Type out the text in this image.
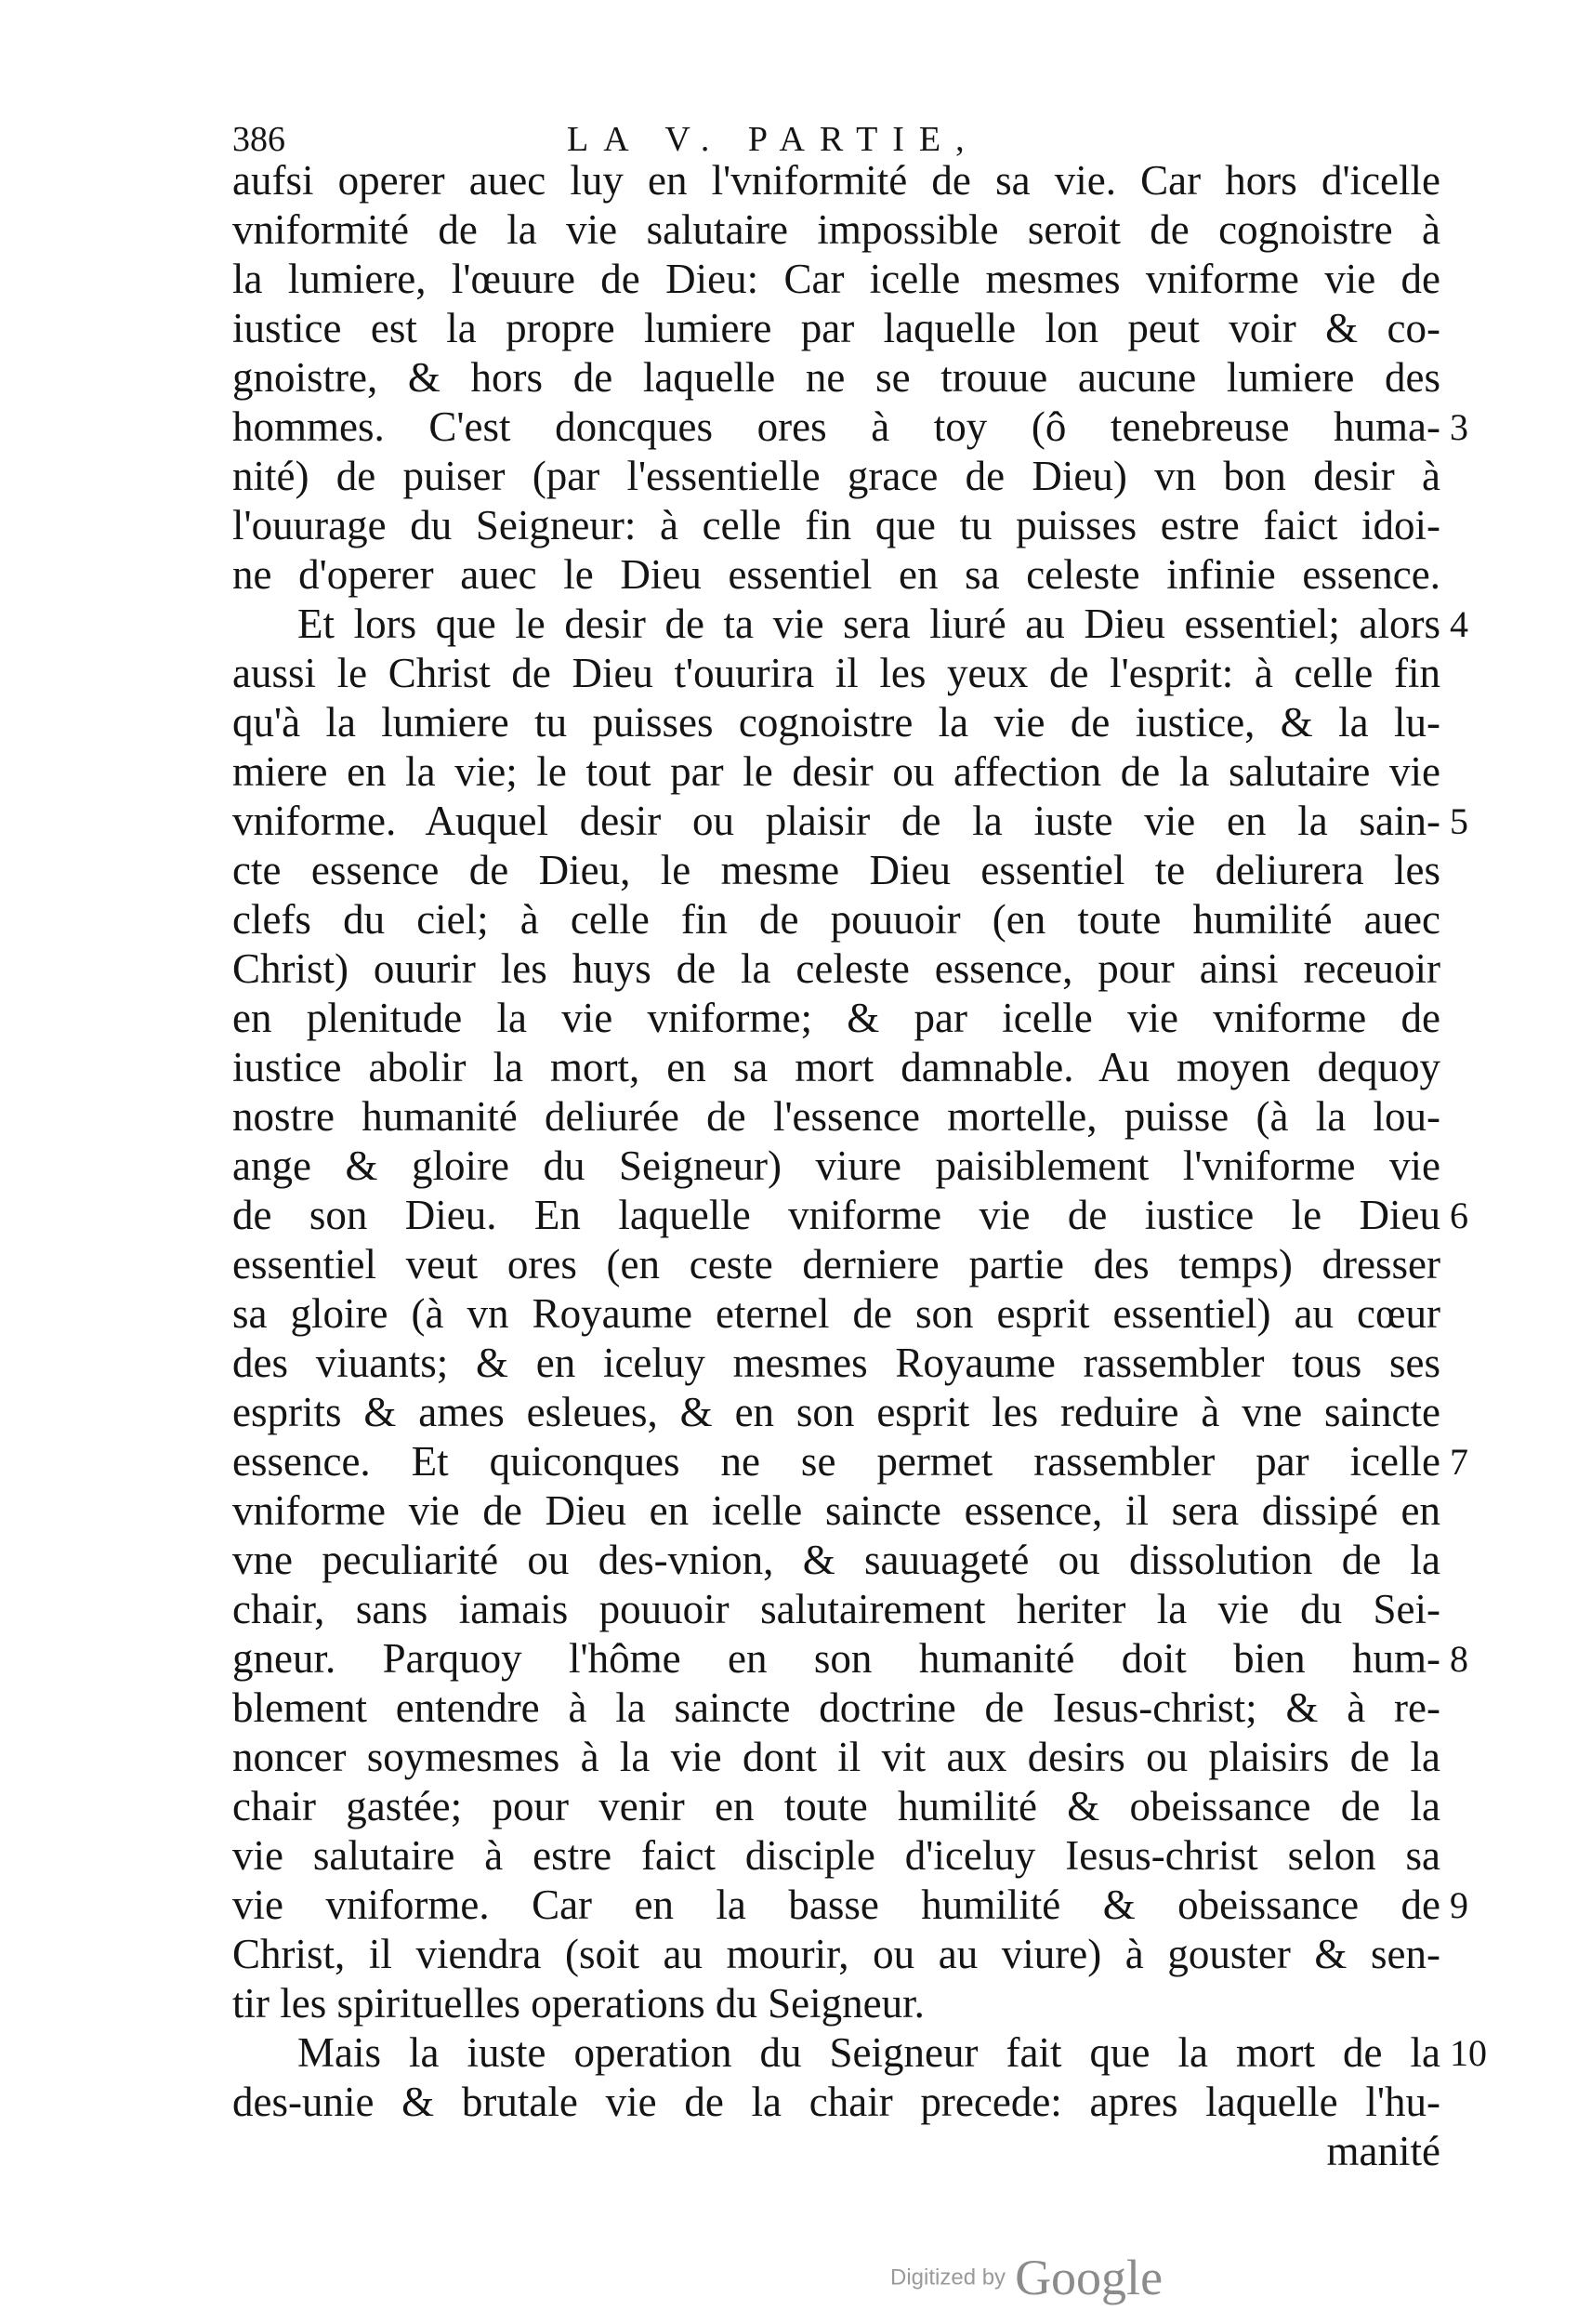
386	LA V. PARTIE,
aufsi operer auec luy en l'vniformité de sa vie. Car hors d'icelle
vniformité de la vie salutaire impossible seroit de cognoistre à
la lumiere, l'œuure de Dieu: Car icelle mesmes vniforme vie de
iustice est la propre lumiere par laquelle lon peut voir & co-
gnoistre, & hors de laquelle ne se trouue aucune lumiere des
hommes. C'est doncques ores à toy (ô tenebreuse huma- 3
nité) de puiser (par l'essentielle grace de Dieu) vn bon desir à
l'ouurage du Seigneur: à celle fin que tu puisses estre faict idoi-
ne d'operer auec le Dieu essentiel en sa celeste infinie essence.
Et lors que le desir de ta vie sera liuré au Dieu essentiel; alors 4
aussi le Christ de Dieu t'ouurira il les yeux de l'esprit: à celle fin
qu'à la lumiere tu puisses cognoistre la vie de iustice, & la lu-
miere en la vie; le tout par le desir ou affection de la salutaire vie
vniforme. Auquel desir ou plaisir de la iuste vie en la sain- 5
cte essence de Dieu, le mesme Dieu essentiel te deliurera les
clefs du ciel; à celle fin de pouuoir (en toute humilité auec
Christ) ouurir les huys de la celeste essence, pour ainsi receuoir
en plenitude la vie vniforme; & par icelle vie vniforme de
iustice abolir la mort, en sa mort damnable. Au moyen dequoy
nostre humanité deliurée de l'essence mortelle, puisse (à la lou-
ange & gloire du Seigneur) viure paisiblement l'vniforme vie
de son Dieu. En laquelle vniforme vie de iustice le Dieu 6
essentiel veut ores (en ceste derniere partie des temps) dresser
sa gloire (à vn Royaume eternel de son esprit essentiel) au cœur
des viuants; & en iceluy mesmes Royaume rassembler tous ses
esprits & ames esleues, & en son esprit les reduire à vne saincte
essence. Et quiconques ne se permet rassembler par icelle 7
vniforme vie de Dieu en icelle saincte essence, il sera dissipé en
vne peculiarité ou des-vnion, & sauuageté ou dissolution de la
chair, sans iamais pouuoir salutairement heriter la vie du Sei-
gneur. Parquoy l'hôme en son humanité doit bien hum- 8
blement entendre à la saincte doctrine de Iesus-christ; & à re-
noncer soymesmes à la vie dont il vit aux desirs ou plaisirs de la
chair gastée; pour venir en toute humilité & obeissance de la
vie salutaire à estre faict disciple d'iceluy Iesus-christ selon sa
vie vniforme. Car en la basse humilité & obeissance de 9
Christ, il viendra (soit au mourir, ou au viure) à gouster & sen-
tir les spirituelles operations du Seigneur.
Mais la iuste operation du Seigneur fait que la mort de la 10
des-unie & brutale vie de la chair precede: apres laquelle l'hu-
manité
Digitized by Google
